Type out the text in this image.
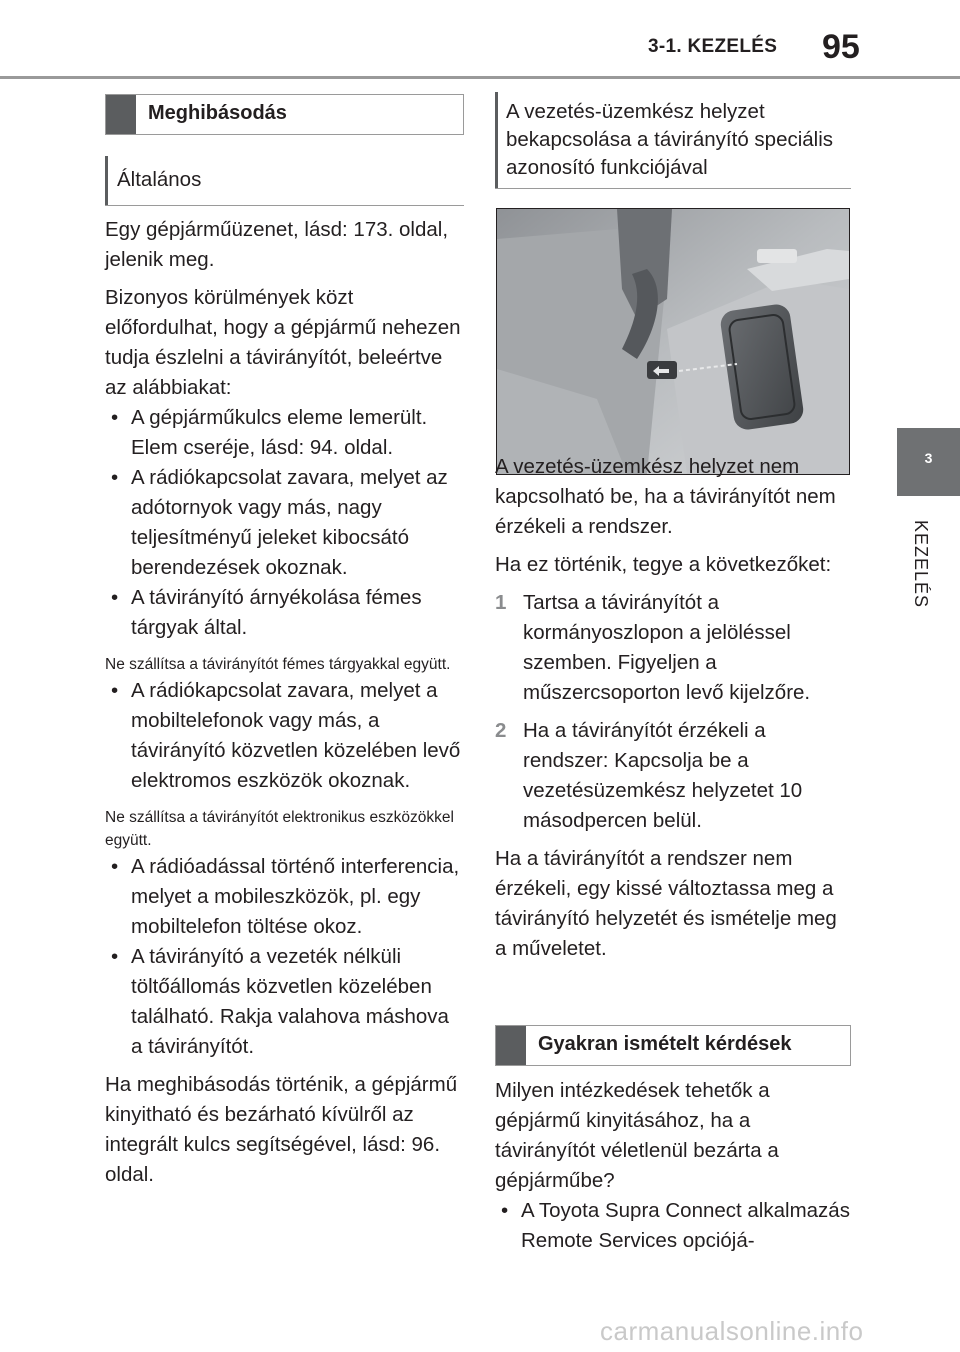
3-1. KEZELÉS 95
3
KEZELÉS
Meghibásodás
Általános
Egy gépjárműüzenet, lásd: 173. oldal, jelenik meg.
Bizonyos körülmények közt előfordulhat, hogy a gépjármű nehezen tudja észlelni a távirányítót, beleértve az alábbiakat:
• A gépjárműkulcs eleme lemerült. Elem cseréje, lásd: 94. oldal.
• A rádiókapcsolat zavara, melyet az adótornyok vagy más, nagy teljesítményű jeleket kibocsátó berendezések okoznak.
• A távirányító árnyékolása fémes tárgyak által.
Ne szállítsa a távirányítót fémes tárgyakkal együtt.
• A rádiókapcsolat zavara, melyet a mobiltelefonok vagy más, a távirányító közvetlen közelében levő elektromos eszközök okoznak.
Ne szállítsa a távirányítót elektronikus eszközökkel együtt.
• A rádióadással történő interferencia, melyet a mobileszközök, pl. egy mobiltelefon töltése okoz.
• A távirányító a vezeték nélküli töltőállomás közvetlen közelében található. Rakja valahova máshova a távirányítót.
Ha meghibásodás történik, a gépjármű kinyitható és bezárható kívülről az integrált kulcs segítségével, lásd: 96. oldal.
A vezetés-üzemkész helyzet bekapcsolása a távirányító speciális azonosító funkciójával
A vezetés-üzemkész helyzet nem kapcsolható be, ha a távirányítót nem érzékeli a rendszer.
Ha ez történik, tegye a következőket:
1 Tartsa a távirányítót a kormányoszlopon a jelöléssel szemben. Figyeljen a műszercsoporton levő kijelzőre.
2 Ha a távirányítót érzékeli a rendszer: Kapcsolja be a vezetésüzemkész helyzetet 10 másodpercen belül.
Ha a távirányítót a rendszer nem érzékeli, egy kissé változtassa meg a távirányító helyzetét és ismételje meg a műveletet.
Gyakran ismételt kérdések
Milyen intézkedések tehetők a gépjármű kinyitásához, ha a távirányítót véletlenül bezárta a gépjárműbe?
• A Toyota Supra Connect alkalmazás Remote Services opciójá-
carmanualsonline.info
